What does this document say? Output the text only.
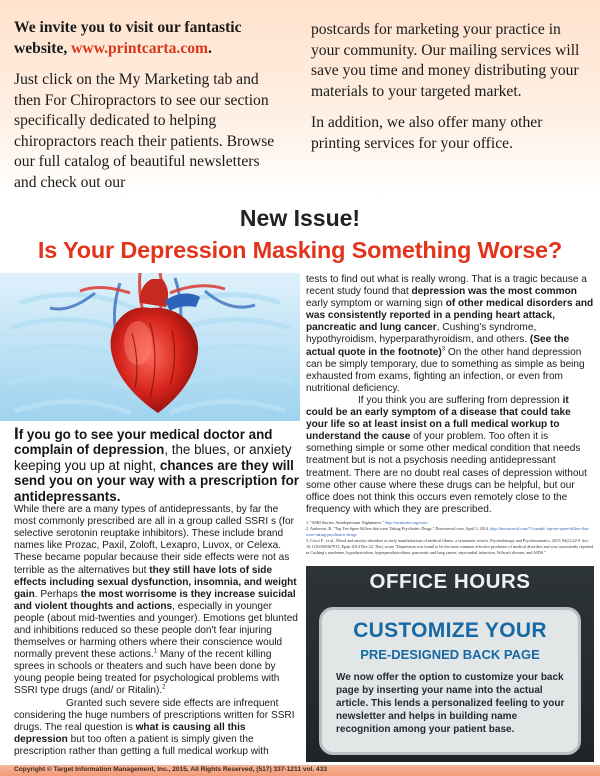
We invite you to visit our fantastic
website, www.printcarta.com.

Just click on the My Marketing tab and then For Chiropractors to see our section specifically dedicated to helping chiropractors reach their patients. Browse our full catalog of beautiful newsletters and check out our

postcards for marketing your practice in your community. Our mailing services will save you time and money distributing your materials to your targeted market.

In addition, we also offer many other printing services for your office.

New Issue!
Is Your Depression Masking Something Worse?

If you go to see your medical doctor and complain of depression, the blues, or anxiety keeping you up at night, chances are they will send you on your way with a prescription for antidepressants.

While there are a many types of antidepressants, by far the most commonly prescribed are all in a group called SSRI s (for selective serotonin reuptake inhibitors). These include brand names like Prozac, Paxil, Zoloft, Lexapro, Luvox, or Celexa. These became popular because their side effects were not as terrible as the alternatives but they still have lots of side effects including sexual dysfunction, insomnia, and weight gain. Perhaps the most worrisome is they increase suicidal and violent thoughts and actions, especially in younger people (about mid-twenties and younger). Emotions get blunted and inhibitions reduced so these people don't fear injuring themselves or harming others where their conscience would normally prevent these actions.$^1$ Many of the recent killing sprees in schools or theaters and such have been done by young people being treated for psychological problems with SSRI type drugs (and/ or Ritalin).$^2$

Granted such severe side effects are infrequent considering the huge numbers of prescriptions written for SSRI drugs. The real question is what is causing all this depression but too often a patient is simply given the prescription rather than getting a full medical workup with

tests to find out what is really wrong. That is a tragic because a recent study found that depression was the most common early symptom or warning sign of other medical disorders and was consistently reported in a pending heart attack, pancreatic and lung cancer, Cushing's syndrome, hypothyroidism, hyperparathyroidism, and others. (See the actual quote in the footnote)$^3$ On the other hand depression can be simply temporary, due to something as simple as being exhausted from exams, fighting an infection, or even from nutritional deficiency.

If you think you are suffering from depression it could be an early symptom of a disease that could take your life so at least insist on a full medical workup to understand the cause of your problem. Too often it is something simple or some other medical condition that needs treatment but is not a psychosis needing antidepressant treatment. There are no doubt real cases of depression without some other cause where these drugs can be helpful, but our office does not think this occurs even remotely close to the frequency with which they are prescribed.

1. "SSRI Stories: Antidepressant Nightmares." http://ssristories.org/ssris/
2. Anderson, B. "Top Ten Spree Killers that were Taking Psychiatric Drugs." Dorostrowd.com, April 3, 2014, http://dorostrowd.com/??/saymh/ top-ten-spree-killers-that-were-taking-psychiatric-drugs
3. Cosci F., et al., Mood and anxiety disorders as early manifestations of medical illness: a systematic review. Psychotherapy and Psychosomatics, 2015; 84(1):22-9. doi: 10.1159/000367913. Epub 2014 Dec 24. They wrote "Depression was found to be the most common affective prodrome of medical disorders and was consistently reported in Cushing's syndrome, hypothyroidism, hyperparathyroidism, pancreatic and lung cancer, myocardial infarction, Wilson's disease, and AIDS."
OFFICE HOURS
CUSTOMIZE YOUR
PRE-DESIGNED BACK PAGE

We now offer the option to customize your back page by inserting your name into the actual article. This lends a personalized feeling to your newsletter and helps in building name recognition among your patient base.

Copyright © Target Information Management, Inc., 2015, All Rights Reserved, (517) 337-1211 vol. 433
